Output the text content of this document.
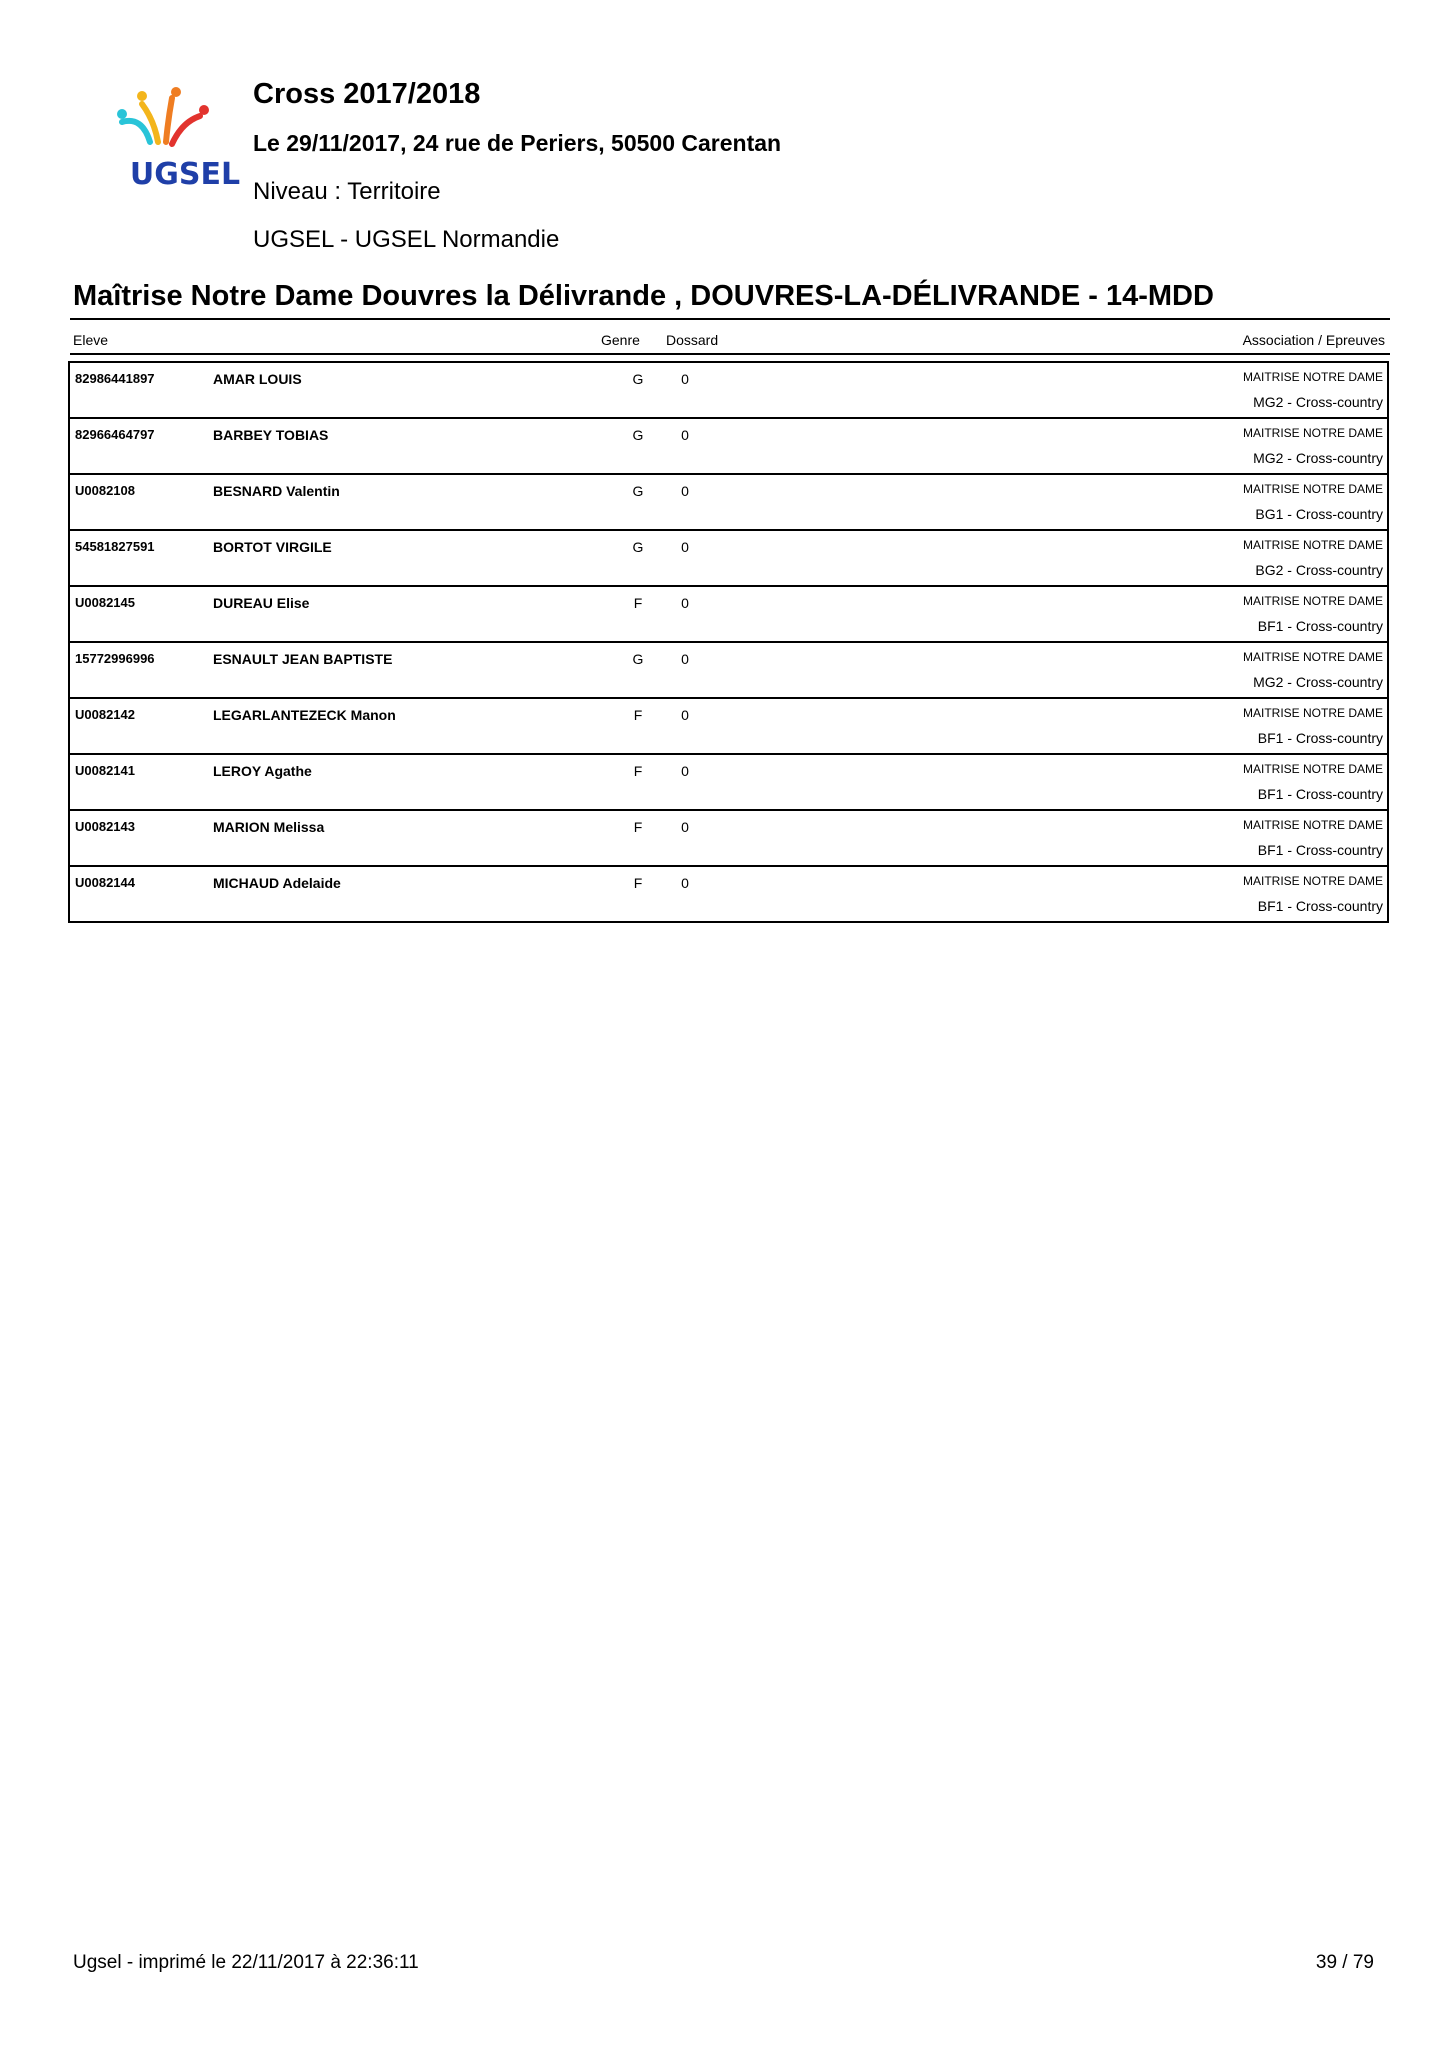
UGSEL
Cross 2017/2018
Le 29/11/2017, 24 rue de Periers, 50500 Carentan
Niveau : Territoire
UGSEL - UGSEL Normandie
Maîtrise Notre Dame Douvres la Délivrande , DOUVRES-LA-DÉLIVRANDE - 14-MDD
Eleve	Genre Dossard	Association / Epreuves
82986441897	AMAR LOUIS	G	0	MAITRISE NOTRE DAME
MG2 - Cross-country
82966464797	BARBEY TOBIAS	G	0	MAITRISE NOTRE DAME
MG2 - Cross-country
U0082108	BESNARD Valentin	G	0	MAITRISE NOTRE DAME
BG1 - Cross-country
54581827591	BORTOT VIRGILE	G	0	MAITRISE NOTRE DAME
BG2 - Cross-country
U0082145	DUREAU Elise	F	0	MAITRISE NOTRE DAME
BF1 - Cross-country
15772996996	ESNAULT JEAN BAPTISTE	G	0	MAITRISE NOTRE DAME
MG2 - Cross-country
U0082142	LEGARLANTEZECK Manon	F	0	MAITRISE NOTRE DAME
BF1 - Cross-country
U0082141	LEROY Agathe	F	0	MAITRISE NOTRE DAME
BF1 - Cross-country
U0082143	MARION Melissa	F	0	MAITRISE NOTRE DAME
BF1 - Cross-country
U0082144	MICHAUD Adelaide	F	0	MAITRISE NOTRE DAME
BF1 - Cross-country
Ugsel - imprimé le 22/11/2017 à 22:36:11	39 / 79
